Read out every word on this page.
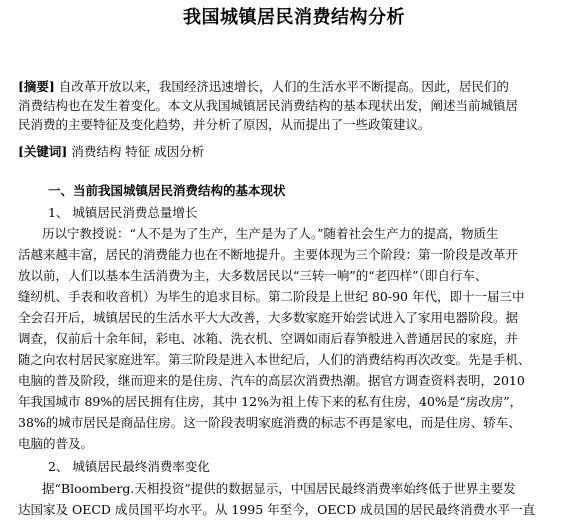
我国城镇居民消费结构分析
[摘要] 自改革开放以来，我国经济迅速增长，人们的生活水平不断提高。因此，居民们的
消费结构也在发生着变化。本文从我国城镇居民消费结构的基本现状出发，阐述当前城镇居
民消费的主要特征及变化趋势，并分析了原因，从而提出了一些政策建议。
[关键词] 消费结构 特征 成因分析
一、当前我国城镇居民消费结构的基本现状
1、 城镇居民消费总量增长
历以宁教授说：“人不是为了生产，生产是为了人。”随着社会生产力的提高，物质生
活越来越丰富，居民的消费能力也在不断地提升。主要体现为三个阶段：第一阶段是改革开
放以前，人们以基本生活消费为主，大多数居民以“三转一响”的“老四样”（即自行车、
缝纫机、手表和收音机）为毕生的追求目标。第二阶段是上世纪 80-90 年代，即十一届三中
全会召开后，城镇居民的生活水平大大改善，大多数家庭开始尝试进入了家用电器阶段。据
调查，仅前后十余年间，彩电、冰箱、洗衣机、空调如雨后春笋般进入普通居民的家庭，并
随之向农村居民家庭进军。第三阶段是进入本世纪后，人们的消费结构再次改变。先是手机、
电脑的普及阶段，继而迎来的是住房、汽车的高层次消费热潮。据官方调查资料表明，2010
年我国城市 89%的居民拥有住房，其中 12%为祖上传下来的私有住房，40%是“房改房”，
38%的城市居民是商品住房。这一阶段表明家庭消费的标志不再是家电，而是住房、轿车、
电脑的普及。
2、 城镇居民最终消费率变化
据“Bloomberg.天相投资”提供的数据显示，中国居民最终消费率始终低于世界主要发
达国家及 OECD 成员国平均水平。从 1995 年至今，OECD 成员国的居民最终消费水平一直
